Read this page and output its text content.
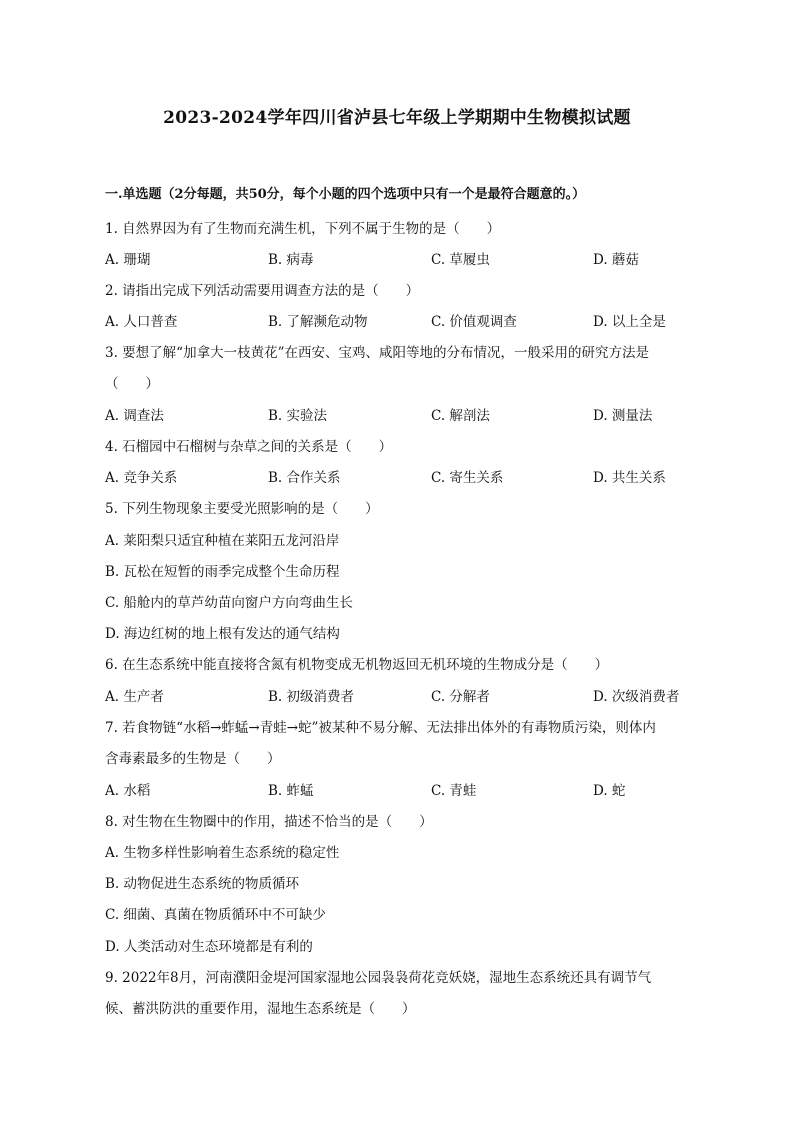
2023-2024学年四川省泸县七年级上学期期中生物模拟试题
一.单选题（2分每题，共50分，每个小题的四个选项中只有一个是最符合题意的。）
1. 自然界因为有了生物而充满生机，下列不属于生物的是（　　）
A. 珊瑚	B. 病毒	C. 草履虫	D. 蘑菇
2. 请指出完成下列活动需要用调查方法的是（　　）
A. 人口普查	B. 了解濒危动物	C. 价值观调查	D. 以上全是
3. 要想了解“加拿大一枝黄花”在西安、宝鸡、咸阳等地的分布情况，一般采用的研究方法是
（　　）
A. 调查法	B. 实验法	C. 解剖法	D. 测量法
4. 石榴园中石榴树与杂草之间的关系是（　　）
A. 竞争关系	B. 合作关系	C. 寄生关系	D. 共生关系
5. 下列生物现象主要受光照影响的是（　　）
A. 莱阳梨只适宜种植在莱阳五龙河沿岸
B. 瓦松在短暂的雨季完成整个生命历程
C. 船舱内的草芦幼苗向窗户方向弯曲生长
D. 海边红树的地上根有发达的通气结构
6. 在生态系统中能直接将含氮有机物变成无机物返回无机环境的生物成分是（　　）
A. 生产者	B. 初级消费者	C. 分解者	D. 次级消费者
7. 若食物链“水稻→蚱蜢→青蛙→蛇”被某种不易分解、无法排出体外的有毒物质污染，则体内
含毒素最多的生物是（　　）
A. 水稻	B. 蚱蜢	C. 青蛙	D. 蛇
8. 对生物在生物圈中的作用，描述不恰当的是（　　）
A. 生物多样性影响着生态系统的稳定性
B. 动物促进生态系统的物质循环
C. 细菌、真菌在物质循环中不可缺少
D. 人类活动对生态环境都是有利的
9. 2022年8月，河南濮阳金堤河国家湿地公园袅袅荷花竞妖娆，湿地生态系统还具有调节气
候、蓄洪防洪的重要作用，湿地生态系统是（　　）
